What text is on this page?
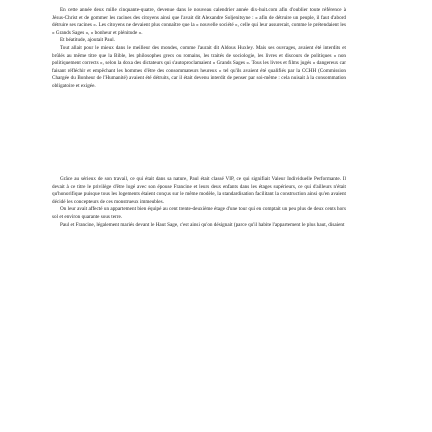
En cette année deux mille cinquante-quatre, devenue dans le nouveau calendrier année dix-huit.com afin d'oublier toute référence à Jésus-Christ et de gommer les racines des citoyens ainsi que l'avait dit Alexandre Soljenitsyne : « afin de détruire un peuple, il faut d'abord détruire ses racines ». Les citoyens ne devaient plus connaître que la « nouvelle société », celle qui leur assurerait, comme le prétendaient les « Grands Sages », « bonheur et plénitude ».

Et béatitude, ajoutait Paul.

Tout allait pour le mieux dans le meilleur des mondes, comme l'aurait dit Aldous Huxley. Mais ses ouvrages, avaient été interdits et brûlés au même titre que la Bible, les philosophes grecs ou romains, les traités de sociologie, les livres et discours de politiques « non politiquement corrects », selon la doxa des dictateurs qui s'autoproclamaient « Grands Sages ». Tous les livres et films jugés « dangereux car faisant réfléchir et empêchant les hommes d'être des consommateurs heureux » tel qu'ils avaient été qualifiés par la CCHH (Commission Chargée du Bonheur de l'Humanité) avaient été détruits, car il était devenu interdit de penser par soi-même : cela nuisait à la consommation obligatoire et exigée.

Grâce au sérieux de son travail, ce qui était dans sa nature, Paul était classé VIP, ce qui signifiait Valeur Individuelle Performante. Il devait à ce titre le privilège d'être logé avec son épouse Francine et leurs deux enfants dans les étages supérieurs, ce qui d'ailleurs n'était qu'honorifique puisque tous les logements étaient conçus sur le même modèle, la standardisation facilitant la construction ainsi qu'en avaient décidé les concepteurs de ces monstrueux immeubles.

On leur avait affecté un appartement bien équipé au cent trente-deuxième étage d'une tour qui en comptait un peu plus de deux cents hors sol et environ quarante sous terre.

Paul et Francine, légalement mariés devant le Haut Sage, c'est ainsi qu'on désignait (parce qu'il habite l'appartement le plus haut, disaient
